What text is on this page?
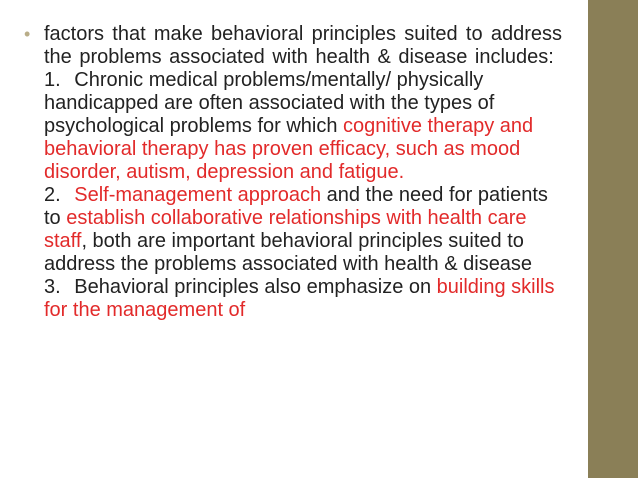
• factors that make behavioral principles suited to address the problems associated with health & disease includes:
1. Chronic medical problems/mentally/ physically handicapped are often associated with the types of psychological problems for which cognitive therapy and behavioral therapy has proven efficacy, such as mood disorder, autism, depression and fatigue.
2. Self-management approach and the need for patients to establish collaborative relationships with health care staff, both are important behavioral principles suited to address the problems associated with health & disease
3. Behavioral principles also emphasize on building skills for the management of
